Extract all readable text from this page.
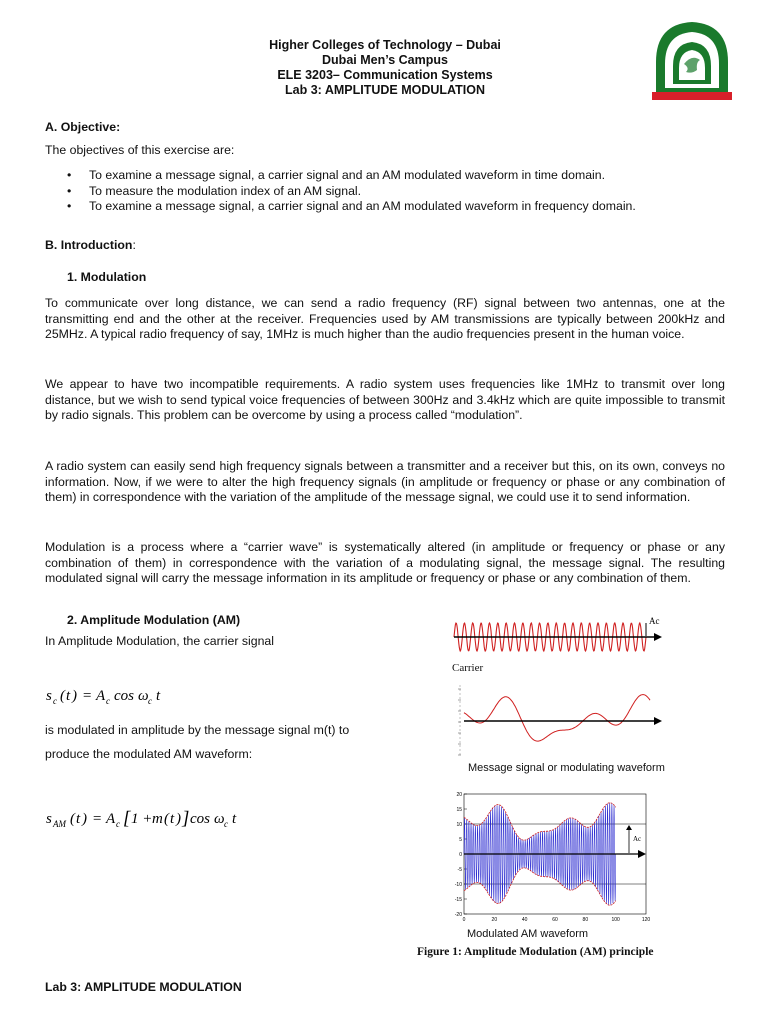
Higher Colleges of Technology – Dubai
Dubai Men’s Campus
ELE 3203– Communication Systems
Lab 3: AMPLITUDE MODULATION
A. Objective:
The objectives of this exercise are:
• To examine a message signal, a carrier signal and an AM modulated waveform in time domain.
• To measure the modulation index of an AM signal.
• To examine a message signal, a carrier signal and an AM modulated waveform in frequency domain.
B. Introduction:
1. Modulation
To communicate over long distance, we can send a radio frequency (RF) signal between two antennas, one at the transmitting end and the other at the receiver. Frequencies used by AM transmissions are typically between 200kHz and 25MHz. A typical radio frequency of say, 1MHz is much higher than the audio frequencies present in the human voice.
We appear to have two incompatible requirements. A radio system uses frequencies like 1MHz to transmit over long distance, but we wish to send typical voice frequencies of between 300Hz and 3.4kHz which are quite impossible to transmit by radio signals. This problem can be overcome by using a process called “modulation”.
A radio system can easily send high frequency signals between a transmitter and a receiver but this, on its own, conveys no information. Now, if we were to alter the high frequency signals (in amplitude or frequency or phase or any combination of them) in correspondence with the variation of the amplitude of the message signal, we could use it to send information.
Modulation is a process where a “carrier wave” is systematically altered (in amplitude or frequency or phase or any combination of them) in correspondence with the variation of a modulating signal, the message signal. The resulting modulated signal will carry the message information in its amplitude or frequency or phase or any combination of them.
2. Amplitude Modulation (AM)
In Amplitude Modulation, the carrier signal
s c ( t ) = A c cos ω c t
is modulated in amplitude by the message signal m(t) to
produce the modulated AM waveform:
s AM ( t ) = A c [ 1 + m ( t ) ] cos ω c t
Ac
Carrier
Message signal or modulating waveform
20
15
10
5
0
-5
-10
-15
-20
0	20	40	60	80	100	120
Ac
Modulated AM waveform
Figure 1: Amplitude Modulation (AM) principle
Lab 3: AMPLITUDE MODULATION
